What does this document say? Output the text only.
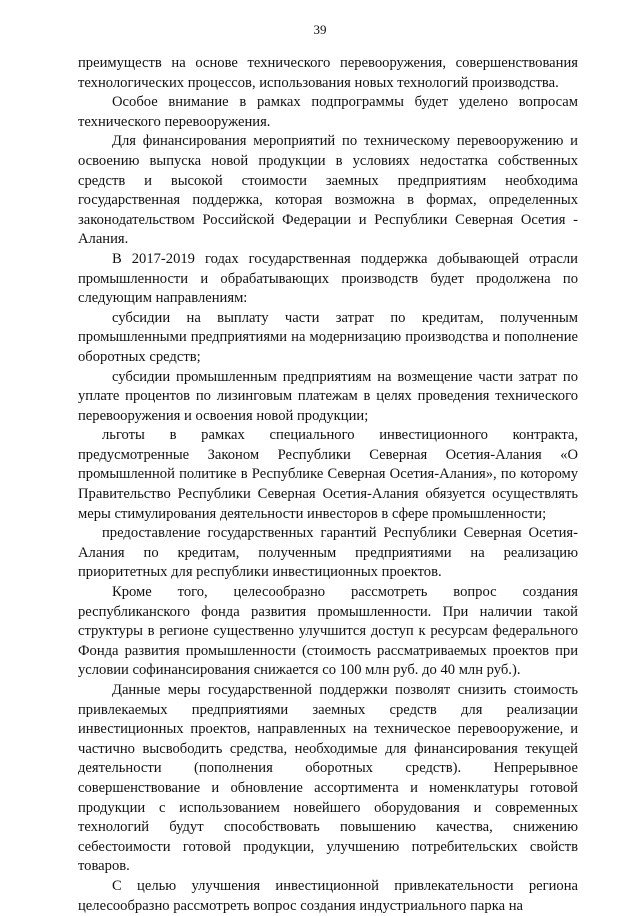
39

преимуществ на основе технического перевооружения, совершенствования технологических процессов, использования новых технологий производства.

Особое внимание в рамках подпрограммы будет уделено вопросам технического перевооружения.

Для финансирования мероприятий по техническому перевооружению и освоению выпуска новой продукции в условиях недостатка собственных средств и высокой стоимости заемных предприятиям необходима государственная поддержка, которая возможна в формах, определенных законодательством Российской Федерации и Республики Северная Осетия - Алания.

В 2017-2019 годах государственная поддержка добывающей отрасли промышленности и обрабатывающих производств будет продолжена по следующим направлениям:

субсидии на выплату части затрат по кредитам, полученным промышленными предприятиями на модернизацию производства и пополнение оборотных средств;

субсидии промышленным предприятиям на возмещение части затрат по уплате процентов по лизинговым платежам в целях проведения технического перевооружения и освоения новой продукции;

льготы в рамках специального инвестиционного контракта, предусмотренные Законом Республики Северная Осетия-Алания «О промышленной политике в Республике Северная Осетия-Алания», по которому Правительство Республики Северная Осетия-Алания обязуется осуществлять меры стимулирования деятельности инвесторов в сфере промышленности;

предоставление государственных гарантий Республики Северная Осетия-Алания по кредитам, полученным предприятиями на реализацию приоритетных для республики инвестиционных проектов.

Кроме того, целесообразно рассмотреть вопрос создания республиканского фонда развития промышленности. При наличии такой структуры в регионе существенно улучшится доступ к ресурсам федерального Фонда развития промышленности (стоимость рассматриваемых проектов при условии софинансирования снижается со 100 млн руб. до 40 млн руб.).

Данные меры государственной поддержки позволят снизить стоимость привлекаемых предприятиями заемных средств для реализации инвестиционных проектов, направленных на техническое перевооружение, и частично высвободить средства, необходимые для финансирования текущей деятельности (пополнения оборотных средств). Непрерывное совершенствование и обновление ассортимента и номенклатуры готовой продукции с использованием новейшего оборудования и современных технологий будут способствовать повышению качества, снижению себестоимости готовой продукции, улучшению потребительских свойств товаров.

С целью улучшения инвестиционной привлекательности региона целесообразно рассмотреть вопрос создания индустриального парка на
